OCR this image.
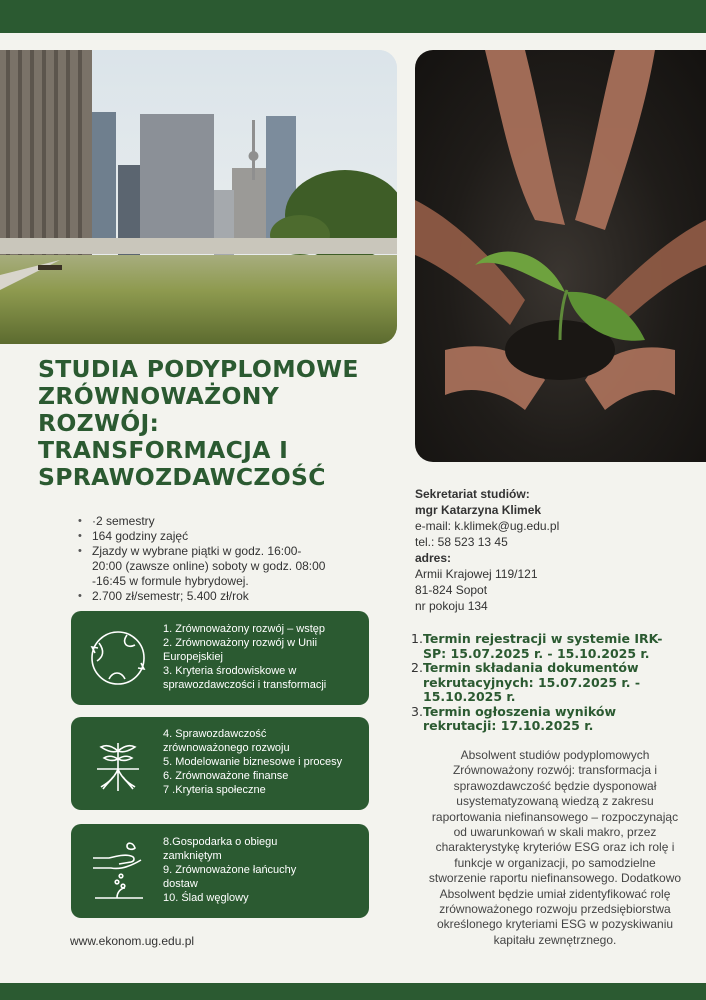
STUDIA PODYPLOMOWE
ZRÓWNOWAŻONY
ROZWÓJ:
TRANSFORMACJA I
SPRAWOZDAWCZOŚĆ
• ·2 semestry
• 164 godziny zajęć
• Zjazdy w wybrane piątki w godz. 16:00-
20:00 (zawsze online) soboty w godz. 08:00
-16:45 w formule hybrydowej.
• 2.700 zł/semestr; 5.400 zł/rok
1. Zrównoważony rozwój – wstęp
2. Zrównoważony rozwój w Unii
Europejskiej
3. Kryteria środowiskowe w
sprawozdawczości i transformacji
4. Sprawozdawczość
zrównoważonego rozwoju
5. Modelowanie biznesowe i procesy
6. Zrównoważone finanse
7 .Kryteria społeczne
8.Gospodarka o obiegu
zamkniętym
9. Zrównoważone łańcuchy
dostaw
10. Ślad węglowy
Sekretariat studiów:
mgr Katarzyna Klimek
e-mail: k.klimek@ug.edu.pl
tel.: 58 523 13 45
adres:
Armii Krajowej 119/121
81-824 Sopot
nr pokoju 134
1. Termin rejestracji w systemie IRK-
SP: 15.07.2025 r. - 15.10.2025 r.
2. Termin składania dokumentów
rekrutacyjnych: 15.07.2025 r. -
15.10.2025 r.
3. Termin ogłoszenia wyników
rekrutacji: 17.10.2025 r.
Absolwent studiów podyplomowych
Zrównoważony rozwój: transformacja i
sprawozdawczość będzie dysponował
usystematyzowaną wiedzą z zakresu
raportowania niefinansowego – rozpoczynając
od uwarunkowań w skali makro, przez
charakterystykę kryteriów ESG oraz ich rolę i
funkcje w organizacji, po samodzielne
stworzenie raportu niefinansowego. Dodatkowo
Absolwent będzie umiał zidentyfikować rolę
zrównoważonego rozwoju przedsiębiorstwa
określonego kryteriami ESG w pozyskiwaniu
kapitału zewnętrznego.
www.ekonom.ug.edu.pl
